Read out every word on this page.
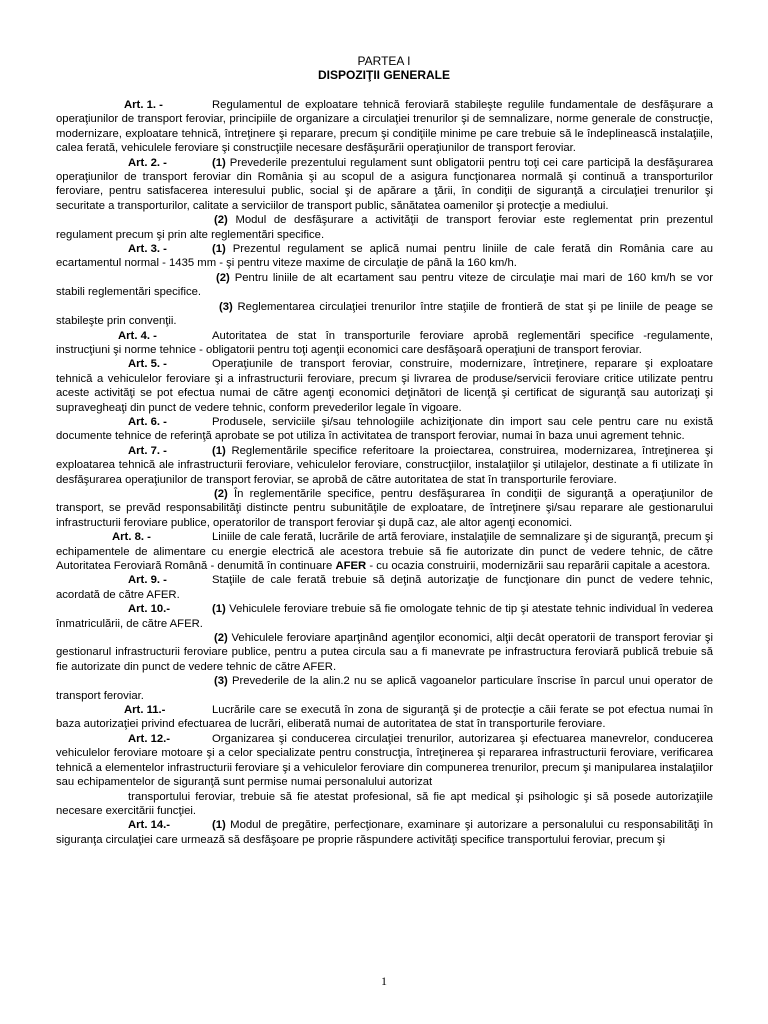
PARTEA I
DISPOZIŢII GENERALE

Art. 1. -	Regulamentul de exploatare tehnică feroviară stabileşte regulile fundamentale de desfăşurare a operaţiunilor de transport feroviar, principiile de organizare a circulaţiei trenurilor şi de semnalizare, norme generale de construcţie, modernizare, exploatare tehnică, întreţinere şi reparare, precum şi condiţiile minime pe care trebuie să le îndeplinească instalaţiile, calea ferată, vehiculele feroviare şi construcţiile necesare desfăşurării operaţiunilor de transport feroviar.

Art. 2. -	(1) Prevederile prezentului regulament sunt obligatorii pentru toţi cei care participă la desfăşurarea operaţiunilor de transport feroviar din România şi au scopul de a asigura funcţionarea normală şi continuă a transporturilor feroviare, pentru satisfacerea interesului public, social şi de apărare a ţării, în condiţii de siguranţă a circulaţiei trenurilor şi securitate a transporturilor, calitate a serviciilor de transport public, sănătatea oamenilor şi protecţie a mediului.

(2) Modul de desfăşurare a activităţii de transport feroviar este reglementat prin prezentul regulament precum şi prin alte reglementări specifice.

Art. 3. -	(1) Prezentul regulament se aplică numai pentru liniile de cale ferată din România care au ecartamentul normal - 1435 mm - şi pentru viteze maxime de circulaţie de până la 160 km/h.

(2) Pentru liniile de alt ecartament sau pentru viteze de circulaţie mai mari de 160 km/h se vor stabili reglementări specifice.

(3) Reglementarea circulaţiei trenurilor între staţiile de frontieră de stat şi pe liniile de peage se stabileşte prin convenţii.

Art. 4. -	Autoritatea de stat în transporturile feroviare aprobă reglementări specifice -regulamente, instrucţiuni şi norme tehnice - obligatorii pentru toţi agenţii economici care desfăşoară operaţiuni de transport feroviar.

Art. 5. -	Operaţiunile de transport feroviar, construire, modernizare, întreţinere, reparare şi exploatare tehnică a vehiculelor feroviare şi a infrastructurii feroviare, precum şi livrarea de produse/servicii feroviare critice utilizate pentru aceste activităţi se pot efectua numai de către agenţi economici deţinători de licenţă şi certificat de siguranţă sau autorizaţi şi supravegheaţi din punct de vedere tehnic, conform prevederilor legale în vigoare.

Art. 6. -	Produsele, serviciile şi/sau tehnologiile achiziţionate din import sau cele pentru care nu există documente tehnice de referinţă aprobate se pot utiliza în activitatea de transport feroviar, numai în baza unui agrement tehnic.

Art. 7. -	(1) Reglementările specifice referitoare la proiectarea, construirea, modernizarea, întreţinerea şi exploatarea tehnică ale infrastructurii feroviare, vehiculelor feroviare, construcţiilor, instalaţiilor şi utilajelor, destinate a fi utilizate în desfăşurarea operaţiunilor de transport feroviar, se aprobă de către autoritatea de stat în transporturile feroviare.

(2) În reglementările specifice, pentru desfăşurarea în condiţii de siguranţă a operaţiunilor de transport, se prevăd responsabilităţi distincte pentru subunităţile de exploatare, de întreţinere şi/sau reparare ale gestionarului infrastructurii feroviare publice, operatorilor de transport feroviar şi după caz, ale altor agenţi economici.

Art. 8. -	Liniile de cale ferată, lucrările de artă feroviare, instalaţiile de semnalizare şi de siguranţă, precum şi echipamentele de alimentare cu energie electrică ale acestora trebuie să fie autorizate din punct de vedere tehnic, de către Autoritatea Feroviară Română - denumită în continuare AFER - cu ocazia construirii, modernizării sau reparării capitale a acestora.

Art. 9. -	Staţiile de cale ferată trebuie să deţină autorizaţie de funcţionare din punct de vedere tehnic, acordată de către AFER.

Art. 10.-	(1) Vehiculele feroviare trebuie să fie omologate tehnic de tip şi atestate tehnic individual în vederea înmatriculării, de către AFER.

(2) Vehiculele feroviare aparţinând agenţilor economici, alţii decât operatorii de transport feroviar şi gestionarul infrastructurii feroviare publice, pentru a putea circula sau a fi manevrate pe infrastructura feroviară publică trebuie să fie autorizate din punct de vedere tehnic de către AFER.

(3) Prevederile de la alin.2 nu se aplică vagoanelor particulare înscrise în parcul unui operator de transport feroviar.

Art. 11.-	Lucrările care se execută în zona de siguranţă şi de protecţie a căii ferate se pot efectua numai în baza autorizaţiei privind efectuarea de lucrări, eliberată numai de autoritatea de stat în transporturile feroviare.

Art. 12.-	Organizarea şi conducerea circulaţiei trenurilor, autorizarea şi efectuarea manevrelor, conducerea vehiculelor feroviare motoare şi a celor specializate pentru construcţia, întreţinerea şi repararea infrastructurii feroviare, verificarea tehnică a elementelor infrastructurii feroviare şi a vehiculelor feroviare din compunerea trenurilor, precum şi manipularea instalaţiilor sau echipamentelor de siguranţă sunt permise numai personalului autorizat

transportului feroviar, trebuie să fie atestat profesional, să fie apt medical şi psihologic şi să posede autorizaţiile necesare exercitării funcţiei.

Art. 14.-	(1) Modul de pregătire, perfecţionare, examinare şi autorizare a personalului cu responsabilităţi în siguranţa circulaţiei care urmează să desfăşoare pe proprie răspundere activităţi specifice transportului feroviar, precum şi

1
